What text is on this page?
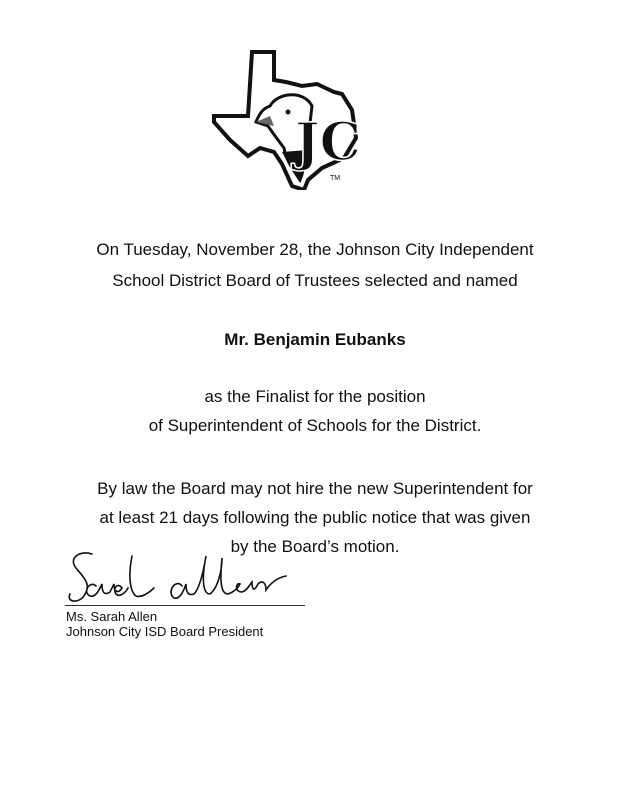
JC
TM
On Tuesday, November 28, the Johnson City Independent
School District Board of Trustees selected and named
Mr. Benjamin Eubanks
as the Finalist for the position
of Superintendent of Schools for the District.
By law the Board may not hire the new Superintendent for
at least 21 days following the public notice that was given
by the Board’s motion.
Ms. Sarah Allen
Johnson City ISD Board President
